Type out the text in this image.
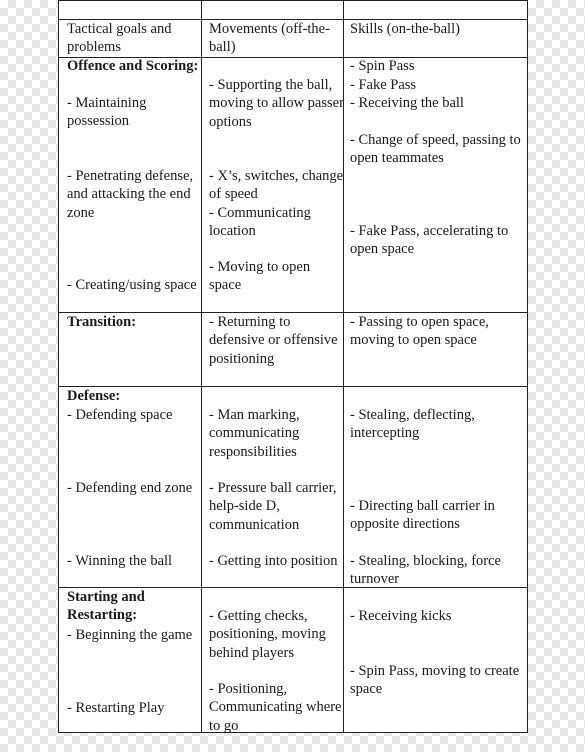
Tactical goals and problems
Movements (off-the-ball)
Skills (on-the-ball)
Offence and Scoring:
- Maintaining possession
- Penetrating defense, and attacking the end zone
- Creating/using space
- Supporting the ball, moving to allow passer options
- X’s, switches, change of speed
- Communicating location
- Moving to open space
- Spin Pass
- Fake Pass
- Receiving the ball
- Change of speed, passing to open teammates
- Fake Pass, accelerating to open space
Transition:	- Returning to defensive or offensive positioning
- Passing to open space, moving to open space
Defense:
- Defending space
- Defending end zone
- Winning the ball
- Man marking, communicating responsibilities
- Pressure ball carrier, help-side D, communication
- Getting into position
- Stealing, deflecting, intercepting
- Directing ball carrier in opposite directions
- Stealing, blocking, force turnover
Starting and Restarting:
- Beginning the game
- Restarting Play
- Getting checks, positioning, moving behind players
- Positioning, Communicating where to go
- Receiving kicks
- Spin Pass, moving to create space
